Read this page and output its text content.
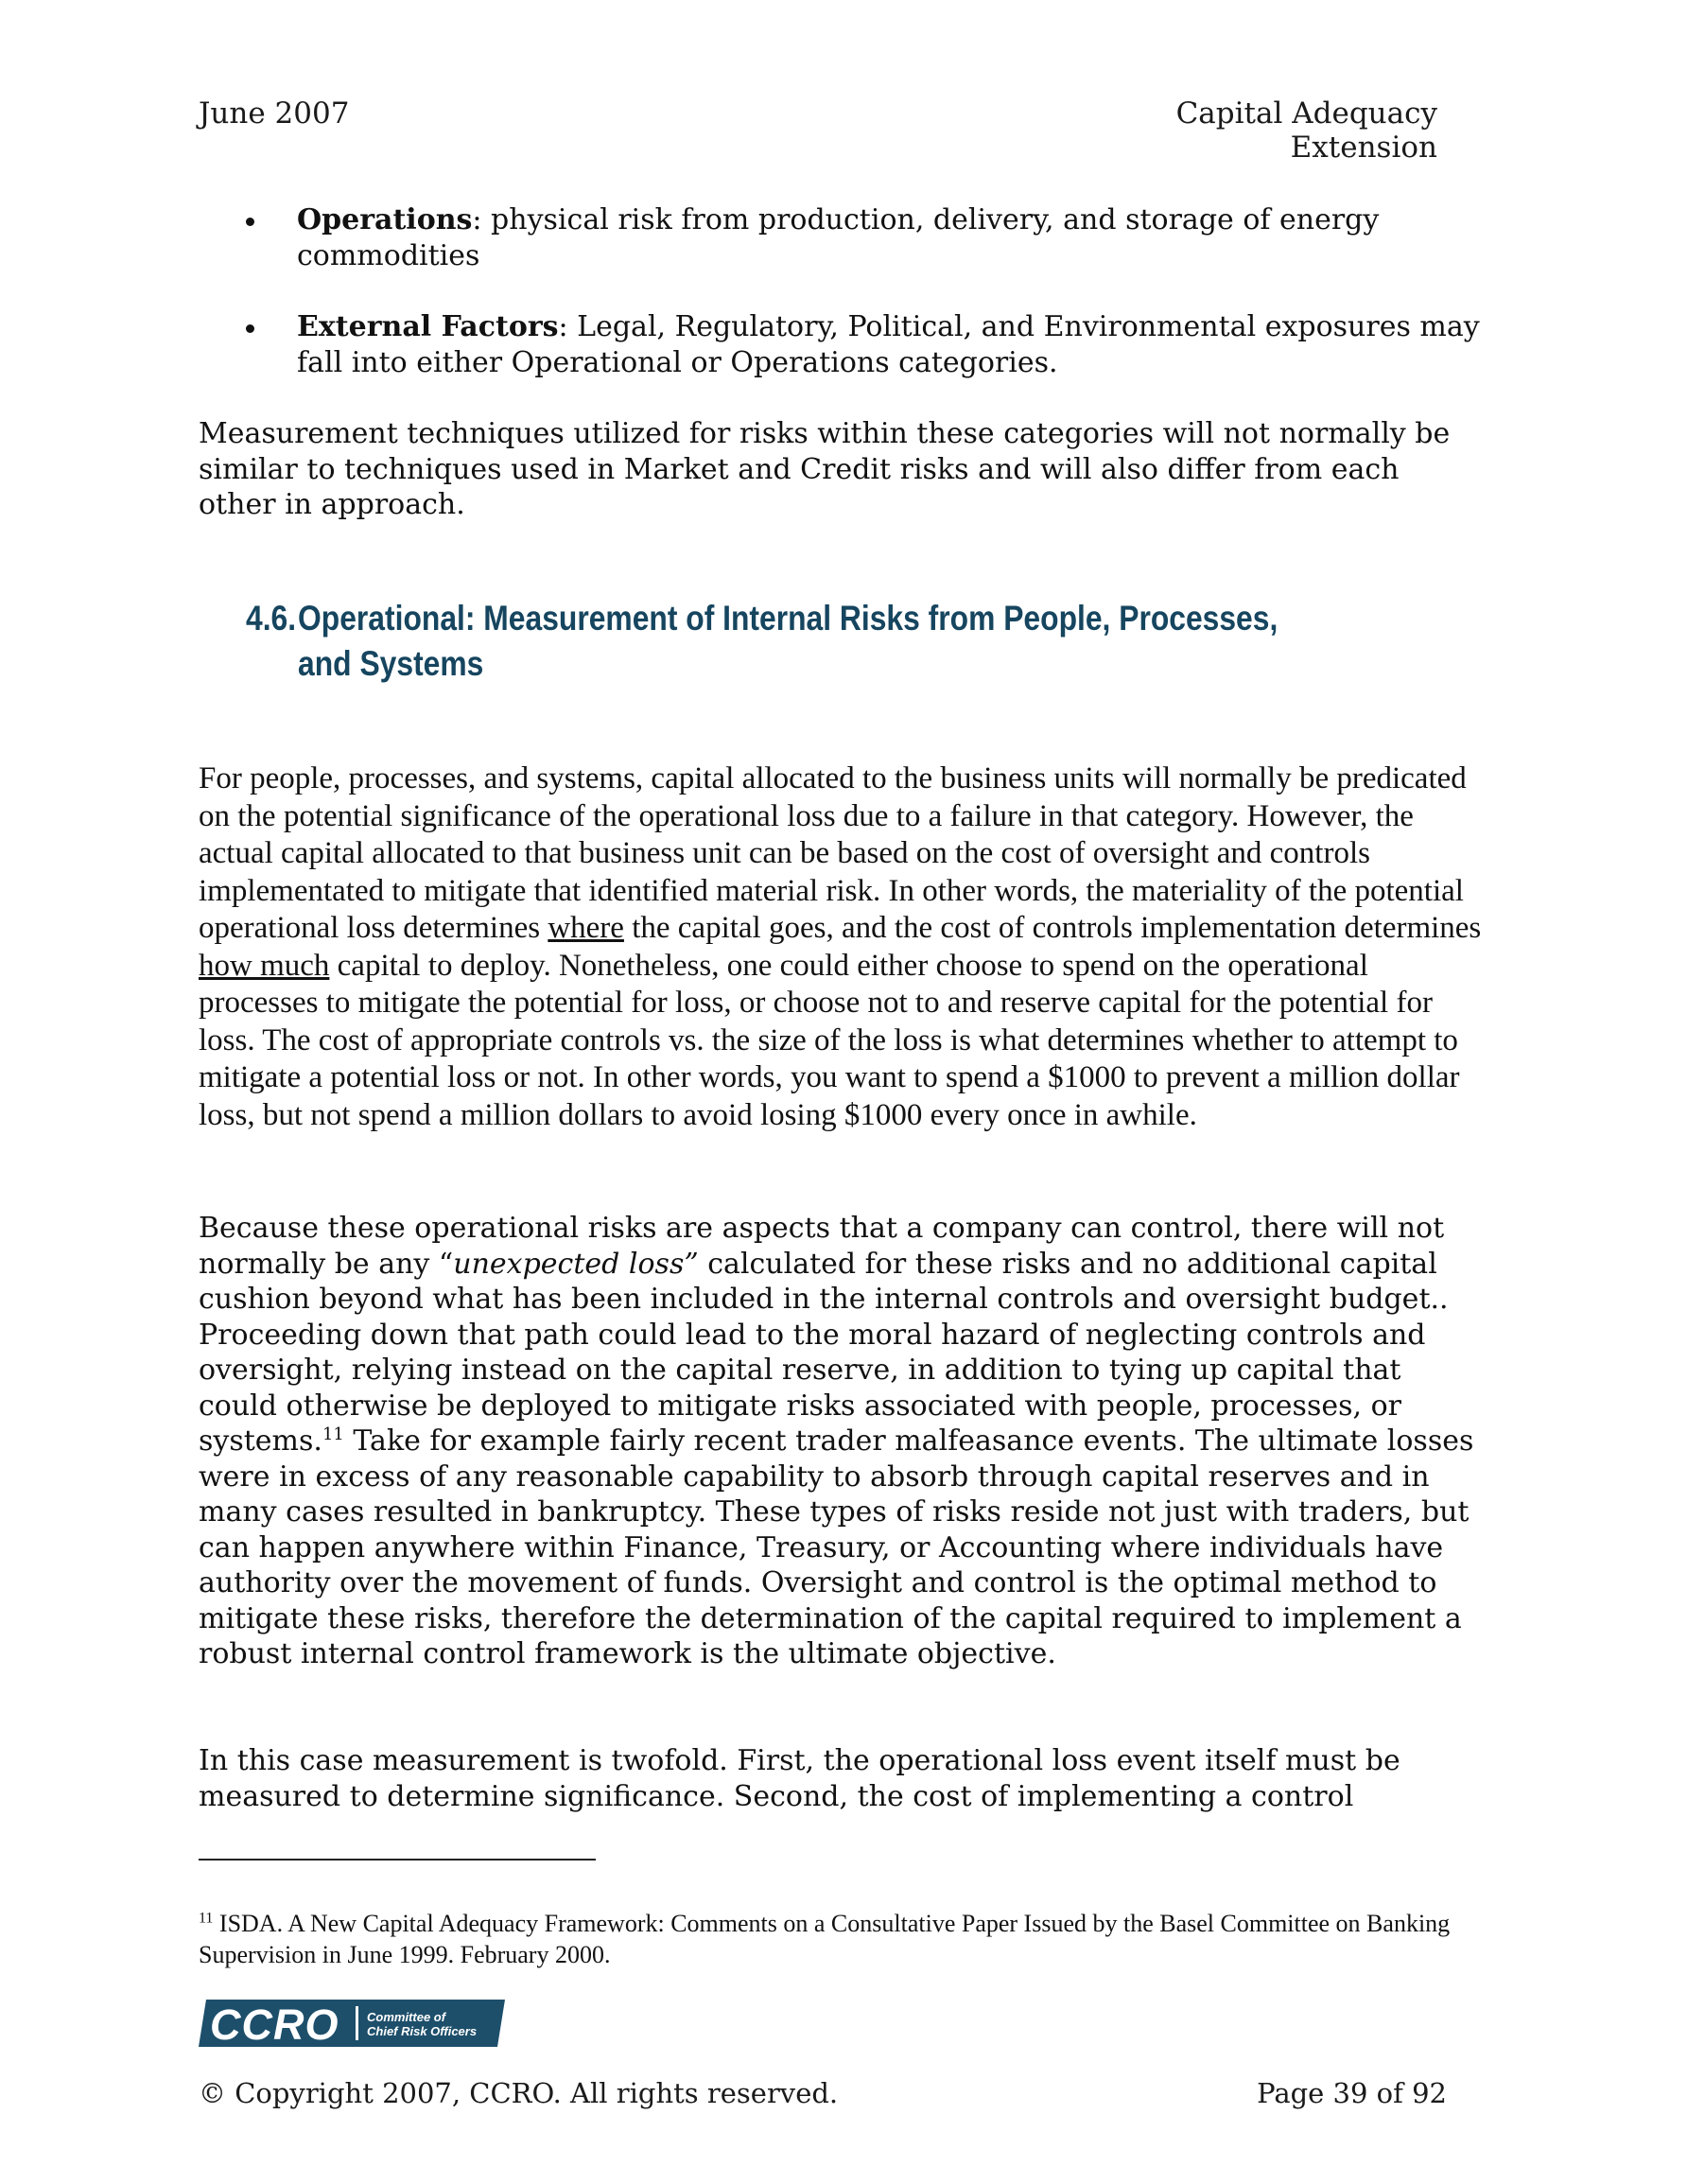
June 2007	Capital Adequacy Extension

Operations: physical risk from production, delivery, and storage of energy commodities
External Factors: Legal, Regulatory, Political, and Environmental exposures may fall into either Operational or Operations categories.

Measurement techniques utilized for risks within these categories will not normally be similar to techniques used in Market and Credit risks and will also differ from each other in approach.

4.6. Operational: Measurement of Internal Risks from People, Processes, and Systems

For people, processes, and systems, capital allocated to the business units will normally be predicated on the potential significance of the operational loss due to a failure in that category. However, the actual capital allocated to that business unit can be based on the cost of oversight and controls implementated to mitigate that identified material risk. In other words, the materiality of the potential operational loss determines where the capital goes, and the cost of controls implementation determines how much capital to deploy. Nonetheless, one could either choose to spend on the operational processes to mitigate the potential for loss, or choose not to and reserve capital for the potential for loss. The cost of appropriate controls vs. the size of the loss is what determines whether to attempt to mitigate a potential loss or not. In other words, you want to spend a $1000 to prevent a million dollar loss, but not spend a million dollars to avoid losing $1000 every once in awhile.

Because these operational risks are aspects that a company can control, there will not normally be any “unexpected loss” calculated for these risks and no additional capital cushion beyond what has been included in the internal controls and oversight budget.. Proceeding down that path could lead to the moral hazard of neglecting controls and oversight, relying instead on the capital reserve, in addition to tying up capital that could otherwise be deployed to mitigate risks associated with people, processes, or systems.$^{11}$ Take for example fairly recent trader malfeasance events. The ultimate losses were in excess of any reasonable capability to absorb through capital reserves and in many cases resulted in bankruptcy. These types of risks reside not just with traders, but can happen anywhere within Finance, Treasury, or Accounting where individuals have authority over the movement of funds. Oversight and control is the optimal method to mitigate these risks, therefore the determination of the capital required to implement a robust internal control framework is the ultimate objective.

In this case measurement is twofold. First, the operational loss event itself must be measured to determine significance. Second, the cost of implementing a control

$^{11}$ ISDA. A New Capital Adequacy Framework: Comments on a Consultative Paper Issued by the Basel Committee on Banking Supervision in June 1999. February 2000.

CCRO Committee of
Chief Risk Officers

© Copyright 2007, CCRO. All rights reserved.	Page 39 of 92
